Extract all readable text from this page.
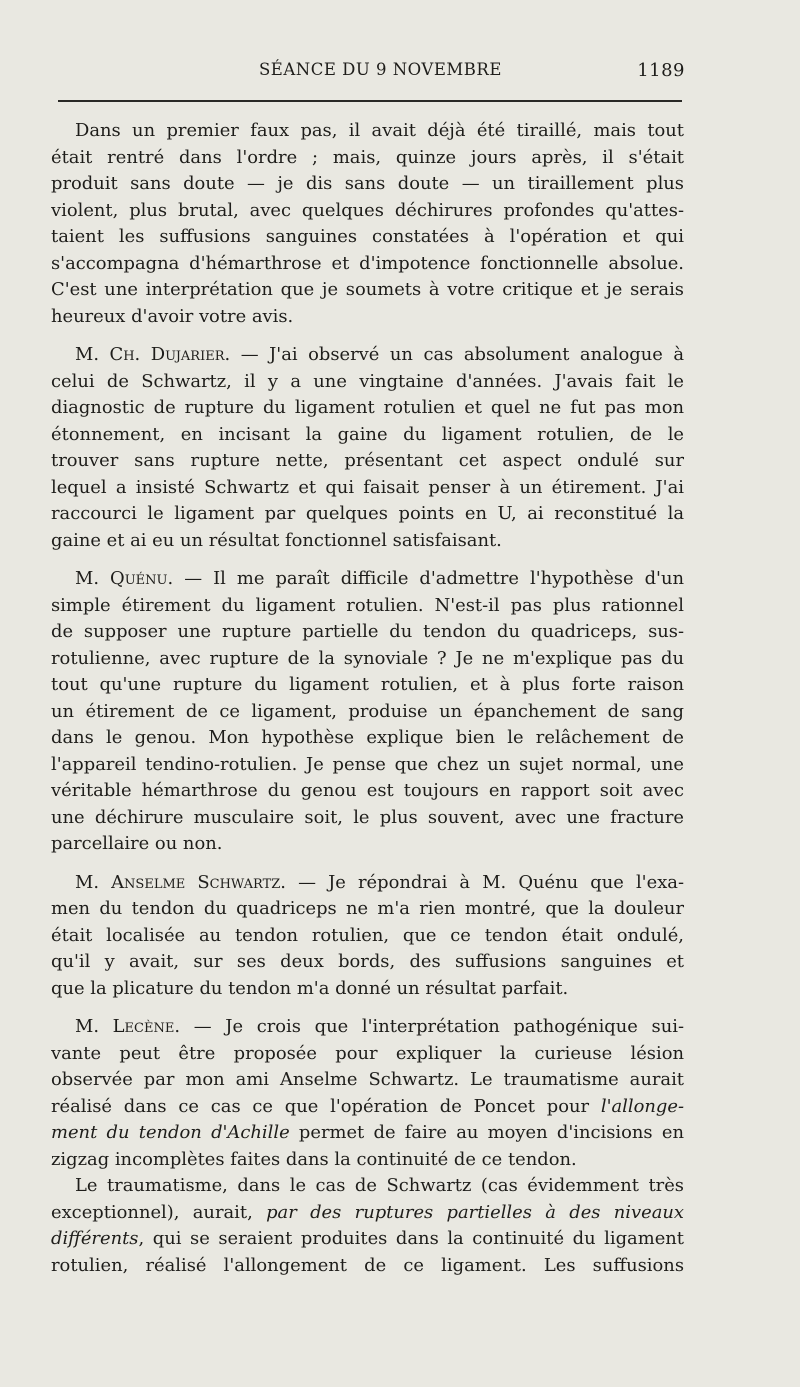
SÉANCE DU 9 NOVEMBRE	1189
Dans un premier faux pas, il avait déjà été tiraillé, mais tout
était rentré dans l'ordre ; mais, quinze jours après, il s'était
produit sans doute — je dis sans doute — un tiraillement plus
violent, plus brutal, avec quelques déchirures profondes qu'attes-
taient les suffusions sanguines constatées à l'opération et qui
s'accompagna d'hémarthrose et d'impotence fonctionnelle absolue.
C'est une interprétation que je soumets à votre critique et je serais
heureux d'avoir votre avis.
M. Ch. Dujarier. — J'ai observé un cas absolument analogue à
celui de Schwartz, il y a une vingtaine d'années. J'avais fait le
diagnostic de rupture du ligament rotulien et quel ne fut pas mon
étonnement, en incisant la gaine du ligament rotulien, de le
trouver sans rupture nette, présentant cet aspect ondulé sur
lequel a insisté Schwartz et qui faisait penser à un étirement. J'ai
raccourci le ligament par quelques points en U, ai reconstitué la
gaine et ai eu un résultat fonctionnel satisfaisant.
M. Quénu. — Il me paraît difficile d'admettre l'hypothèse d'un
simple étirement du ligament rotulien. N'est-il pas plus rationnel
de supposer une rupture partielle du tendon du quadriceps, sus-
rotulienne, avec rupture de la synoviale ? Je ne m'explique pas du
tout qu'une rupture du ligament rotulien, et à plus forte raison
un étirement de ce ligament, produise un épanchement de sang
dans le genou. Mon hypothèse explique bien le relâchement de
l'appareil tendino-rotulien. Je pense que chez un sujet normal, une
véritable hémarthrose du genou est toujours en rapport soit avec
une déchirure musculaire soit, le plus souvent, avec une fracture
parcellaire ou non.
M. Anselme Schwartz. — Je répondrai à M. Quénu que l'exa-
men du tendon du quadriceps ne m'a rien montré, que la douleur
était localisée au tendon rotulien, que ce tendon était ondulé,
qu'il y avait, sur ses deux bords, des suffusions sanguines et
que la plicature du tendon m'a donné un résultat parfait.
M. Lecène. — Je crois que l'interprétation pathogénique sui-
vante peut être proposée pour expliquer la curieuse lésion
observée par mon ami Anselme Schwartz. Le traumatisme aurait
réalisé dans ce cas ce que l'opération de Poncet pour l'allonge-
ment du tendon d'Achille permet de faire au moyen d'incisions en
zigzag incomplètes faites dans la continuité de ce tendon.
Le traumatisme, dans le cas de Schwartz (cas évidemment très
exceptionnel), aurait, par des ruptures partielles à des niveaux
différents, qui se seraient produites dans la continuité du ligament
rotulien, réalisé l'allongement de ce ligament. Les suffusions
